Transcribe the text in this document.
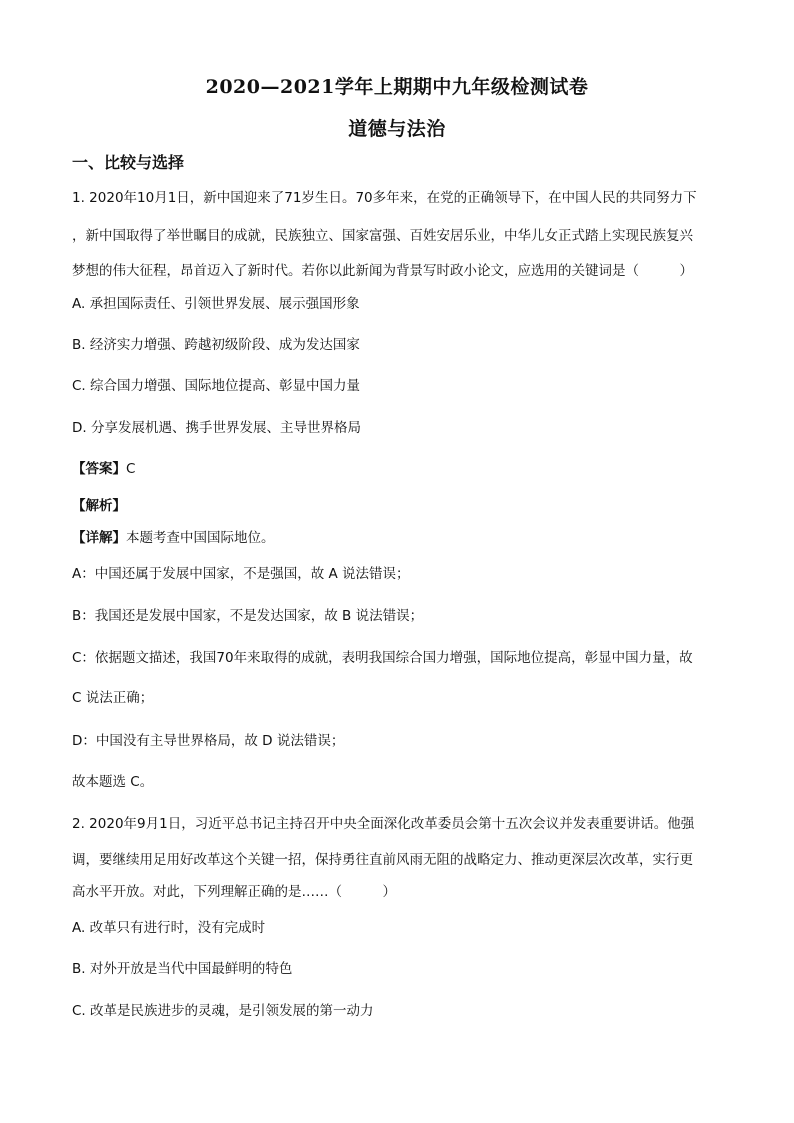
2020—2021学年上期期中九年级检测试卷
道德与法治
一、比较与选择
1. 2020年10月1日，新中国迎来了71岁生日。70多年来，在党的正确领导下，在中国人民的共同努力下
，新中国取得了举世瞩目的成就，民族独立、国家富强、百姓安居乐业，中华儿女正式踏上实现民族复兴
梦想的伟大征程，昂首迈入了新时代。若你以此新闻为背景写时政小论文，应选用的关键词是（　　　）
A. 承担国际责任、引领世界发展、展示强国形象
B. 经济实力增强、跨越初级阶段、成为发达国家
C. 综合国力增强、国际地位提高、彰显中国力量
D. 分享发展机遇、携手世界发展、主导世界格局
【答案】C
【解析】
【详解】本题考查中国国际地位。
A：中国还属于发展中国家，不是强国，故 A 说法错误；
B：我国还是发展中国家，不是发达国家，故 B 说法错误；
C：依据题文描述，我国70年来取得的成就，表明我国综合国力增强，国际地位提高，彰显中国力量，故
C 说法正确；
D：中国没有主导世界格局，故 D 说法错误；
故本题选 C。
2. 2020年9月1日，习近平总书记主持召开中央全面深化改革委员会第十五次会议并发表重要讲话。他强
调，要继续用足用好改革这个关键一招，保持勇往直前风雨无阻的战略定力、推动更深层次改革，实行更
高水平开放。对此，下列理解正确的是……（　　　）
A. 改革只有进行时，没有完成时
B. 对外开放是当代中国最鲜明的特色
C. 改革是民族进步的灵魂，是引领发展的第一动力
